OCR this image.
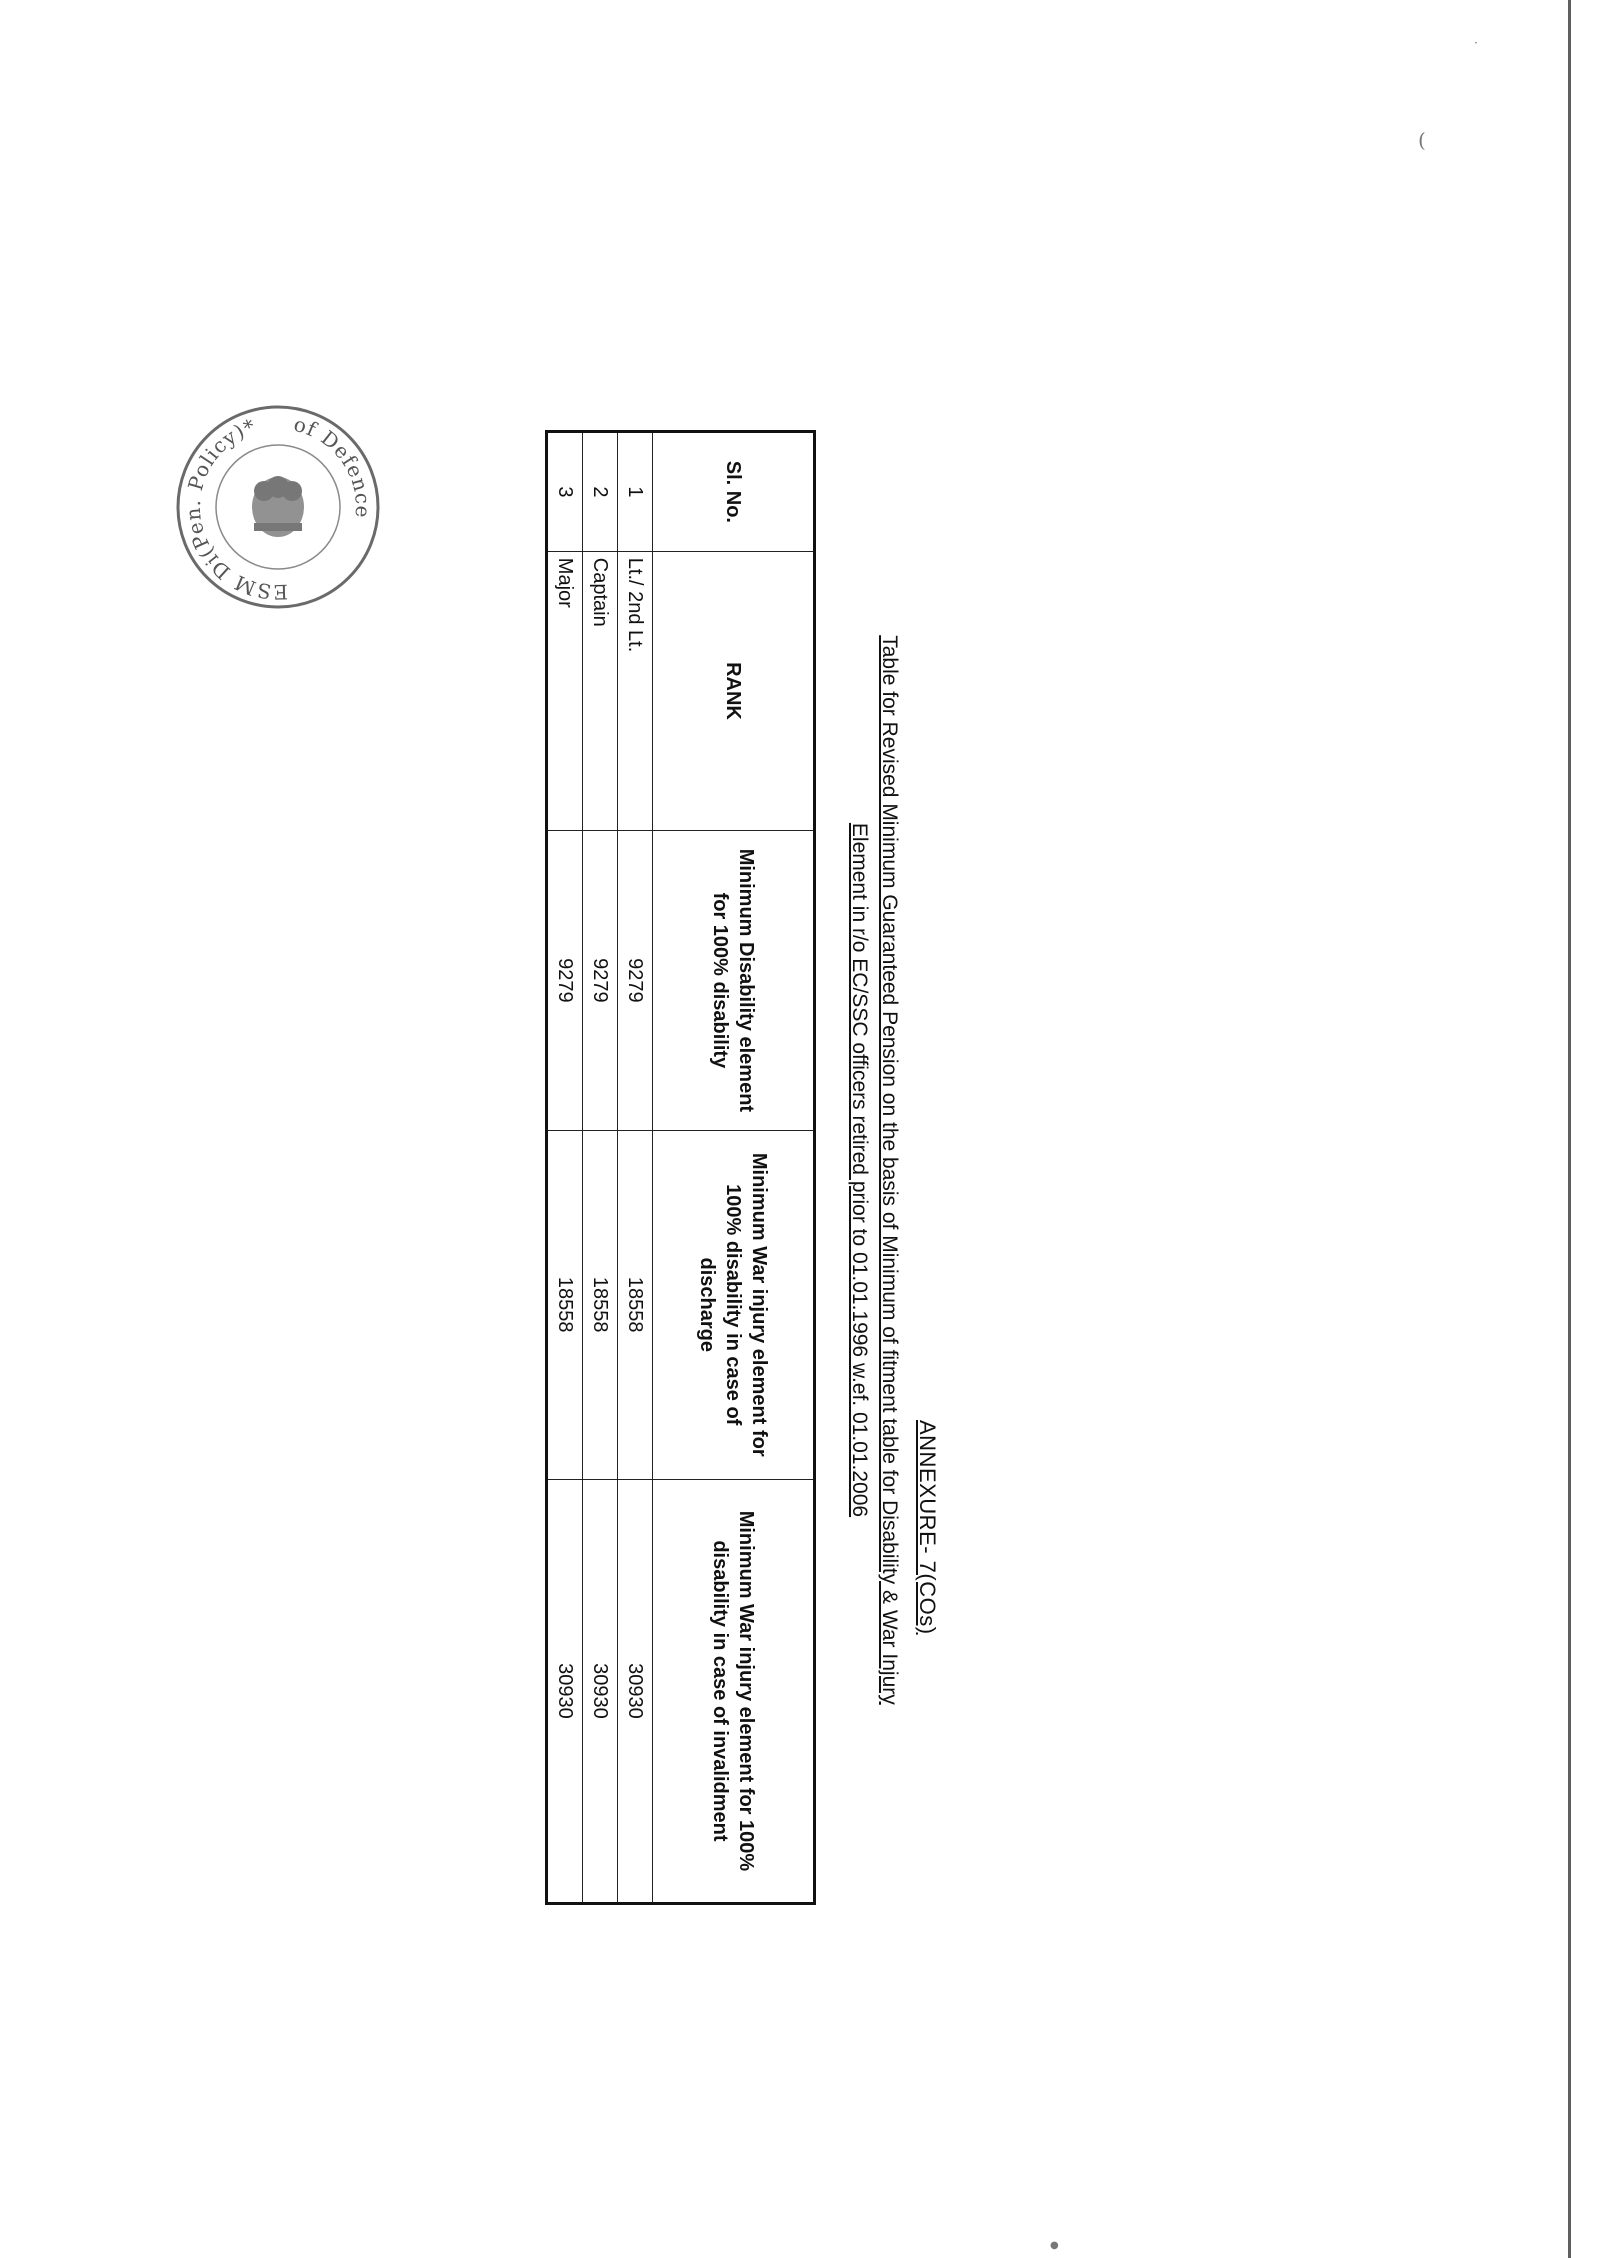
·
(
●
of Defence
ESM Di(Pen. Policy)*
ANNEXURE- 7(COs)
Table for Revised Minimum Guaranteed Pension on the basis of Minimum of fitment table for Disability & War Injury
Element in r/o EC/SSC officers retired prior to 01.01.1996 w.ef. 01.01.2006
Sl. No.	RANK	Minimum Disability element for 100% disability	Minimum War injury element for 100% disability in case of discharge	Minimum War injury element for 100% disability in case of invalidment
1	Lt./ 2nd Lt.	9279	18558	30930
2	Captain	9279	18558	30930
3	Major	9279	18558	30930
